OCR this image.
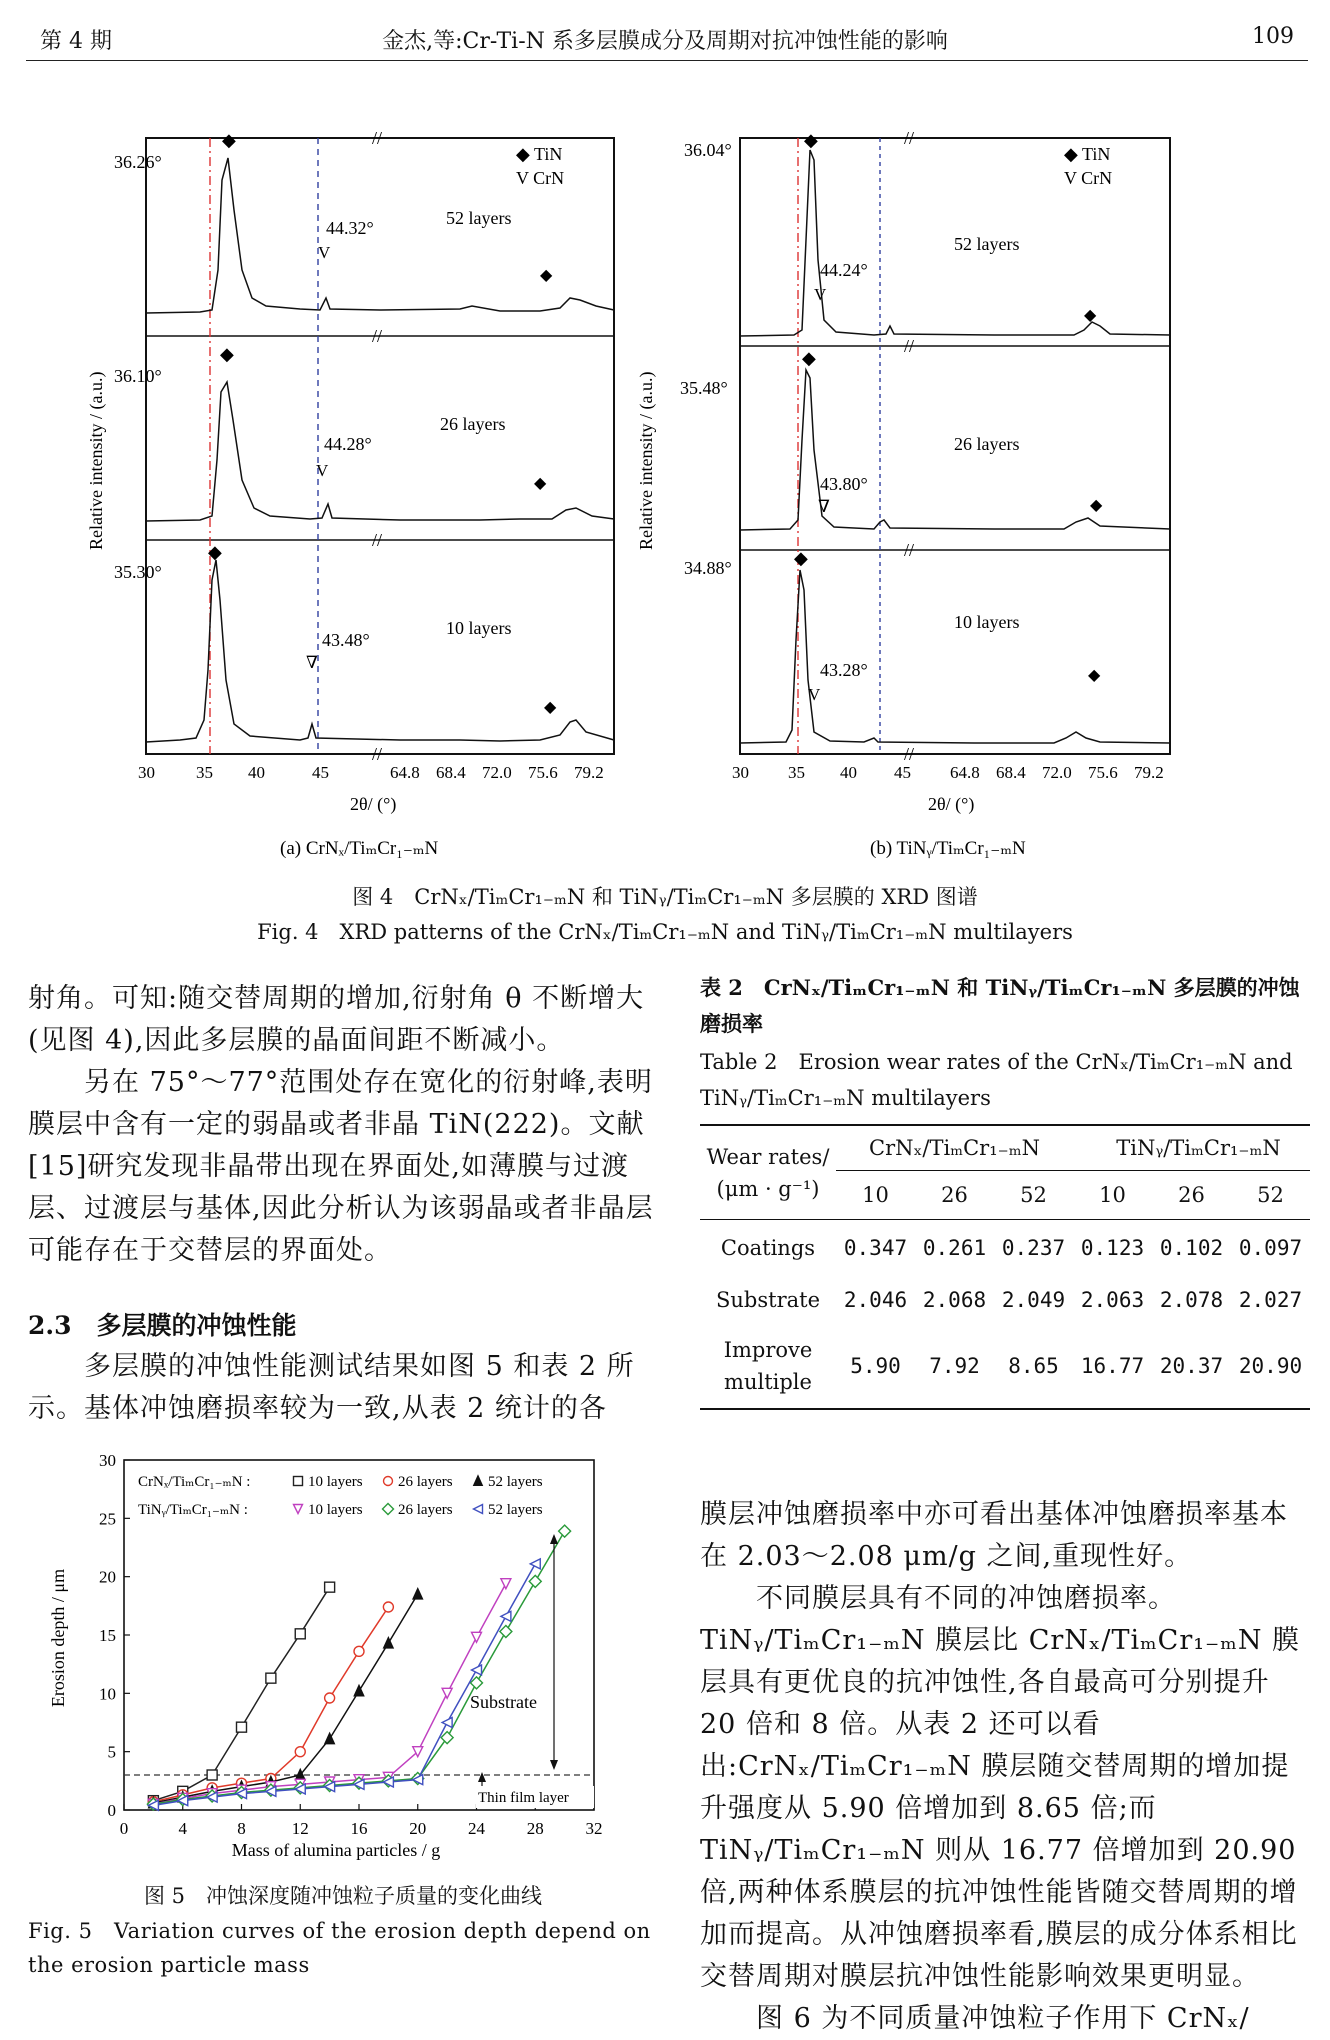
第 4 期	金杰,等:Cr-Ti-N 系多层膜成分及周期对抗冲蚀性能的影响	109
//
//
//
//
◆
36.26°
44.32°
V
52 layers
◆
◆ TiN
V CrN
◆
36.10°
44.28°
V
26 layers
◆
◆
35.30°
43.48°
∇
10 layers
◆
Relative intensity / (a.u.)
30 35 40	45	64.8 68.4 72.0 75.6 79.2
2θ/ (°)
(a) CrNₓ/TiₘCr₁₋ₘN
//
//
//
//
◆
36.04°
44.24°
V
52 layers
◆
◆ TiN
V CrN
◆
35.48°
43.80°
∇
26 layers
◆
◆
34.88°
43.28°
V
10 layers
◆
Relative intensity / (a.u.)
30 35 40 45 64.8 68.4 72.0 75.6 79.2
2θ/ (°)
(b) TiNᵧ/TiₘCr₁₋ₘN
图 4　CrNₓ/TiₘCr₁₋ₘN 和 TiNᵧ/TiₘCr₁₋ₘN 多层膜的 XRD 图谱
Fig. 4　XRD patterns of the CrNₓ/TiₘCr₁₋ₘN and TiNᵧ/TiₘCr₁₋ₘN multilayers

射角。可知:随交替周期的增加,衍射角 θ 不断增大(见图 4),因此多层膜的晶面间距不断减小。

另在 75°～77°范围处存在宽化的衍射峰,表明膜层中含有一定的弱晶或者非晶 TiN(222)。文献[15]研究发现非晶带出现在界面处,如薄膜与过渡层、过渡层与基体,因此分析认为该弱晶或者非晶层可能存在于交替层的界面处。

2.3　 多层膜的冲蚀性能

多层膜的冲蚀性能测试结果如图 5 和表 2 所示。基体冲蚀磨损率较为一致,从表 2 统计的各

0	4	8	12 16 20 24 28 32
0
5
10
15
20
25
30
Substrate
Thin film layer
CrNₓ/TiₘCr₁₋ₘN :
TiNᵧ/TiₘCr₁₋ₘN :
10 layers 26 layers 52 layers
10 layers 26 layers 52 layers
Mass of alumina particles / g
Erosion depth / μm
图 5　冲蚀深度随冲蚀粒子质量的变化曲线
Fig. 5　Variation curves of the erosion depth depend on the erosion particle mass
表 2　CrNₓ/TiₘCr₁₋ₘN 和 TiNᵧ/TiₘCr₁₋ₘN 多层膜的冲蚀磨损率
Table 2　Erosion wear rates of the CrNₓ/TiₘCr₁₋ₘN and TiNᵧ/TiₘCr₁₋ₘN multilayers
Wear rates/
(μm · g⁻¹)	CrNₓ/TiₘCr₁₋ₘN			TiNᵧ/TiₘCr₁₋ₘN		
	10	26	52	10	26	52
Coatings	0.347	0.261	0.237	0.123	0.102	0.097
Substrate	2.046	2.068	2.049	2.063	2.078	2.027

Improve
multiple	5.90	7.92	8.65	16.77	20.37	20.90

膜层冲蚀磨损率中亦可看出基体冲蚀磨损率基本在 2.03～2.08 μm/g 之间,重现性好。

不同膜层具有不同的冲蚀磨损率。TiNᵧ/TiₘCr₁₋ₘN 膜层比 CrNₓ/TiₘCr₁₋ₘN 膜层具有更优良的抗冲蚀性,各自最高可分别提升 20 倍和 8 倍。从表 2 还可以看出:CrNₓ/TiₘCr₁₋ₘN 膜层随交替周期的增加提升强度从 5.90 倍增加到 8.65 倍;而 TiNᵧ/TiₘCr₁₋ₘN 则从 16.77 倍增加到 20.90 倍,两种体系膜层的抗冲蚀性能皆随交替周期的增加而提高。从冲蚀磨损率看,膜层的成分体系相比交替周期对膜层抗冲蚀性能影响效果更明显。

图 6 为不同质量冲蚀粒子作用下 CrNₓ/
